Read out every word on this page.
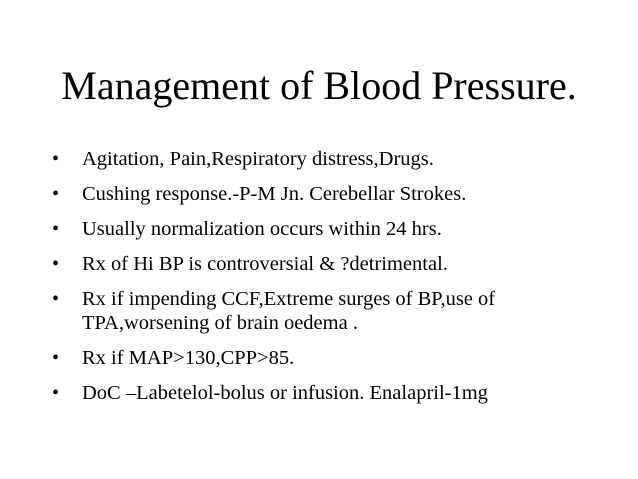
Management of Blood Pressure.
• Agitation, Pain,Respiratory distress,Drugs.
• Cushing response.-P-M Jn. Cerebellar Strokes.
• Usually normalization occurs within 24 hrs.
• Rx of Hi BP is controversial & ?detrimental.
• Rx if impending CCF,Extreme surges of BP,use of TPA,worsening of brain oedema .
• Rx if MAP>130,CPP>85.
• DoC –Labetelol-bolus or infusion. Enalapril-1mg
